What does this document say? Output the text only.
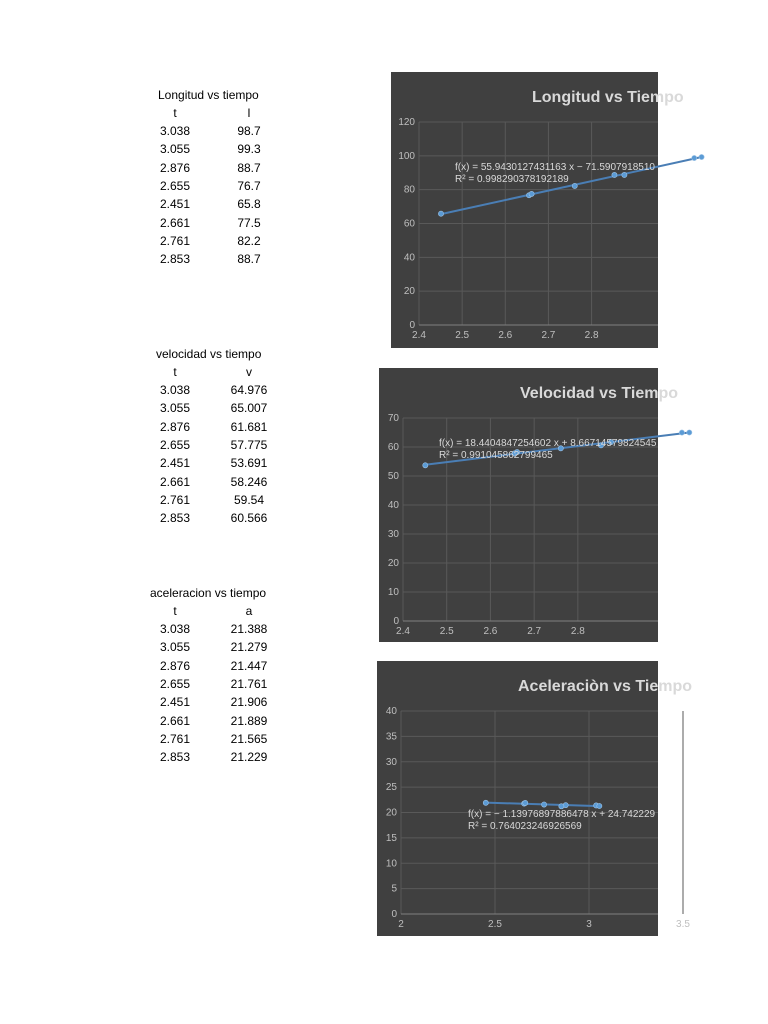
Longitud vs tiempo
t	l
3.038	98.7
3.055	99.3
2.876	88.7
2.655	76.7
2.451	65.8
2.661	77.5
2.761	82.2
2.853	88.7
velocidad vs tiempo
t	v
3.038	64.976
3.055	65.007
2.876	61.681
2.655	57.775
2.451	53.691
2.661	58.246
2.761	59.54
2.853	60.566
aceleracion vs tiempo
t	a
3.038	21.388
3.055	21.279
2.876	21.447
2.655	21.761
2.451	21.906
2.661	21.889
2.761	21.565
2.853	21.229
0
20
40
60
80
100
120
2.4	2.5	2.6	2.7	2.8
Longitud vs Tiempo
f(x) = 55.9430127431163 x − 71.5907918510
R² = 0.998290378192189
0
10
20
30
40
50
60
70
2.4	2.5	2.6	2.7	2.8
Velocidad vs Tiempo
f(x) = 18.4404847254602 x + 8.66714579824545
R² = 0.991045862799465
0
5
10
15
20
25
30
35
40
2	2.5	3	3.5
Aceleraciòn vs Tiempo
f(x) = − 1.13976897886478 x + 24.742229
R² = 0.764023246926569
